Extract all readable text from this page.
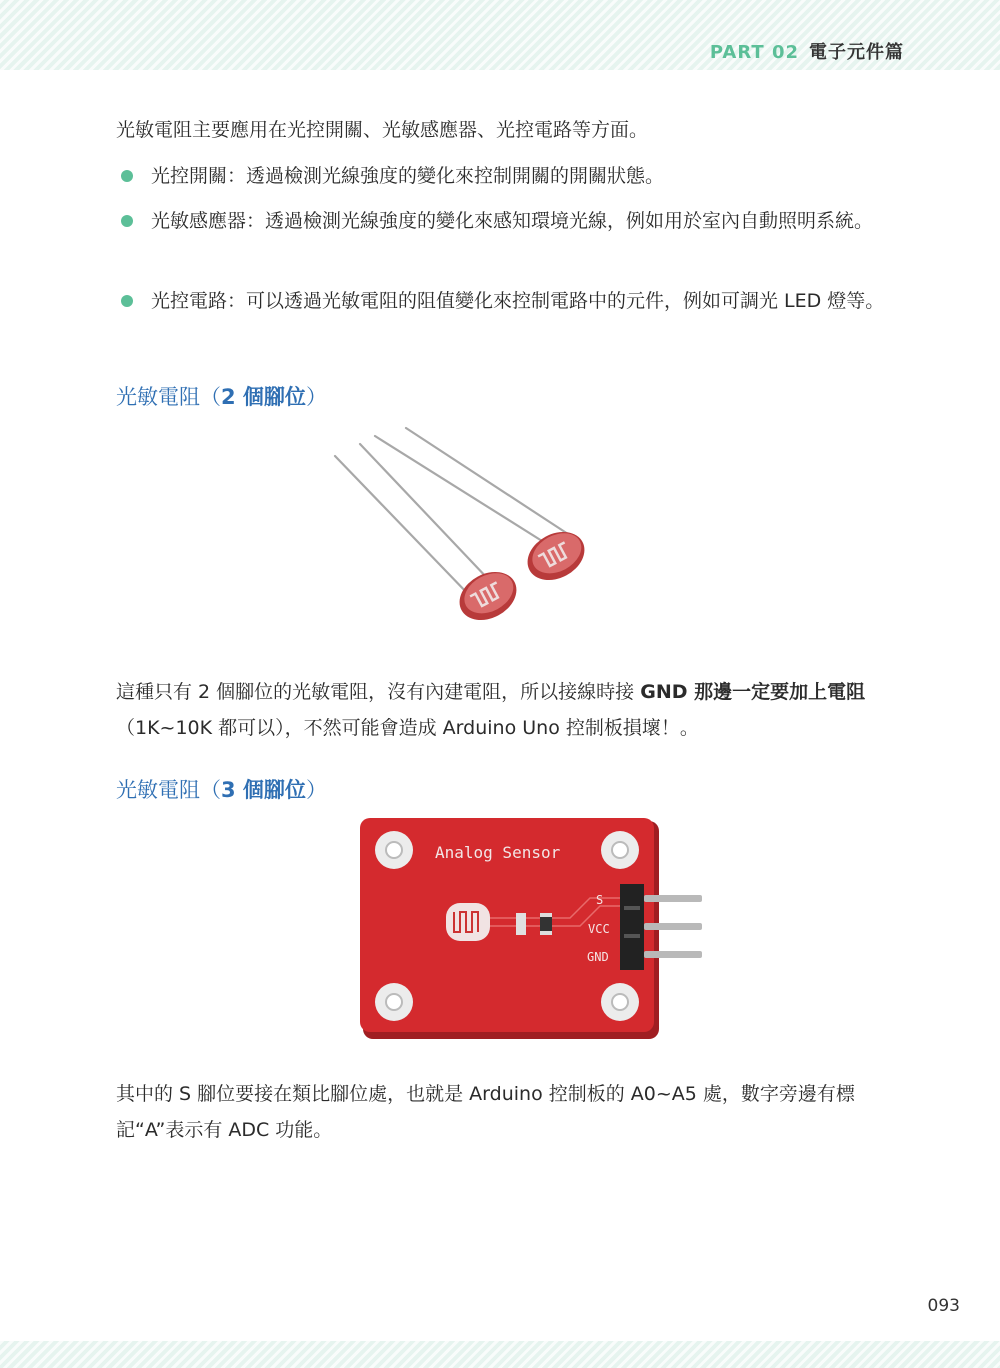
PART 02 電子元件篇
光敏電阻主要應用在光控開關、光敏感應器、光控電路等方面。
光控開關：透過檢測光線強度的變化來控制開關的開關狀態。
光敏感應器：透過檢測光線強度的變化來感知環境光線，例如用於室內自動照明系統。
光控電路：可以透過光敏電阻的阻值變化來控制電路中的元件，例如可調光 LED 燈等。
光敏電阻（2 個腳位）
這種只有 2 個腳位的光敏電阻，沒有內建電阻，所以接線時接 GND 那邊一定要加上電阻（1K~10K 都可以），不然可能會造成 Arduino Uno 控制板損壞！。
光敏電阻（3 個腳位）
Analog Sensor
S
VCC
GND
其中的 S 腳位要接在類比腳位處，也就是 Arduino 控制板的 A0~A5 處，數字旁邊有標記“A”表示有 ADC 功能。
093
